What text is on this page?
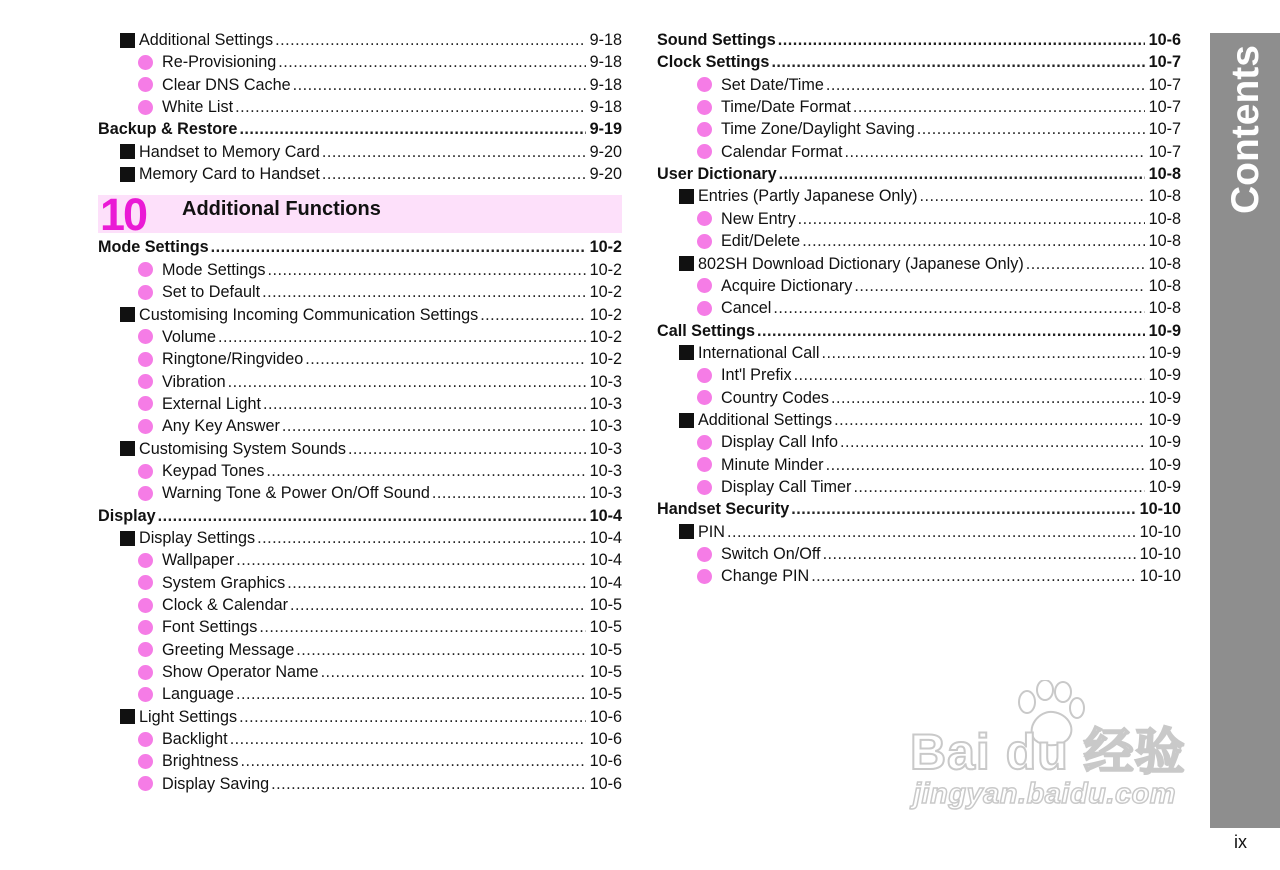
Additional Settings .....	9-18
Re-Provisioning .....	9-18
Clear DNS Cache .....	9-18
White List .....	9-18
Backup & Restore .....	9-19
Handset to Memory Card .....	9-20
Memory Card to Handset .....	9-20
10 Additional Functions
Mode Settings .....	10-2
Mode Settings .....	10-2
Set to Default .....	10-2
Customising Incoming Communication Settings .....	10-2
Volume .....	10-2
Ringtone/Ringvideo .....	10-2
Vibration .....	10-3
External Light .....	10-3
Any Key Answer .....	10-3
Customising System Sounds .....	10-3
Keypad Tones .....	10-3
Warning Tone & Power On/Off Sound .....	10-3
Display .....	10-4
Display Settings .....	10-4
Wallpaper .....	10-4
System Graphics .....	10-4
Clock & Calendar .....	10-5
Font Settings .....	10-5
Greeting Message .....	10-5
Show Operator Name .....	10-5
Language .....	10-5
Light Settings .....	10-6
Backlight .....	10-6
Brightness .....	10-6
Display Saving .....	10-6
Sound Settings .....	10-6
Clock Settings .....	10-7
Set Date/Time .....	10-7
Time/Date Format .....	10-7
Time Zone/Daylight Saving .....	10-7
Calendar Format .....	10-7
User Dictionary .....	10-8
Entries (Partly Japanese Only) .....	10-8
New Entry .....	10-8
Edit/Delete .....	10-8
802SH Download Dictionary (Japanese Only) .....	10-8
Acquire Dictionary .....	10-8
Cancel .....	10-8
Call Settings .....	10-9
International Call .....	10-9
Int'l Prefix .....	10-9
Country Codes .....	10-9
Additional Settings .....	10-9
Display Call Info .....	10-9
Minute Minder .....	10-9
Display Call Timer .....	10-9
Handset Security .....	10-10
PIN .....	10-10
Switch On/Off .....	10-10
Change PIN .....	10-10
Contents
ix
Bai du 经验
jingyan.baidu.com
